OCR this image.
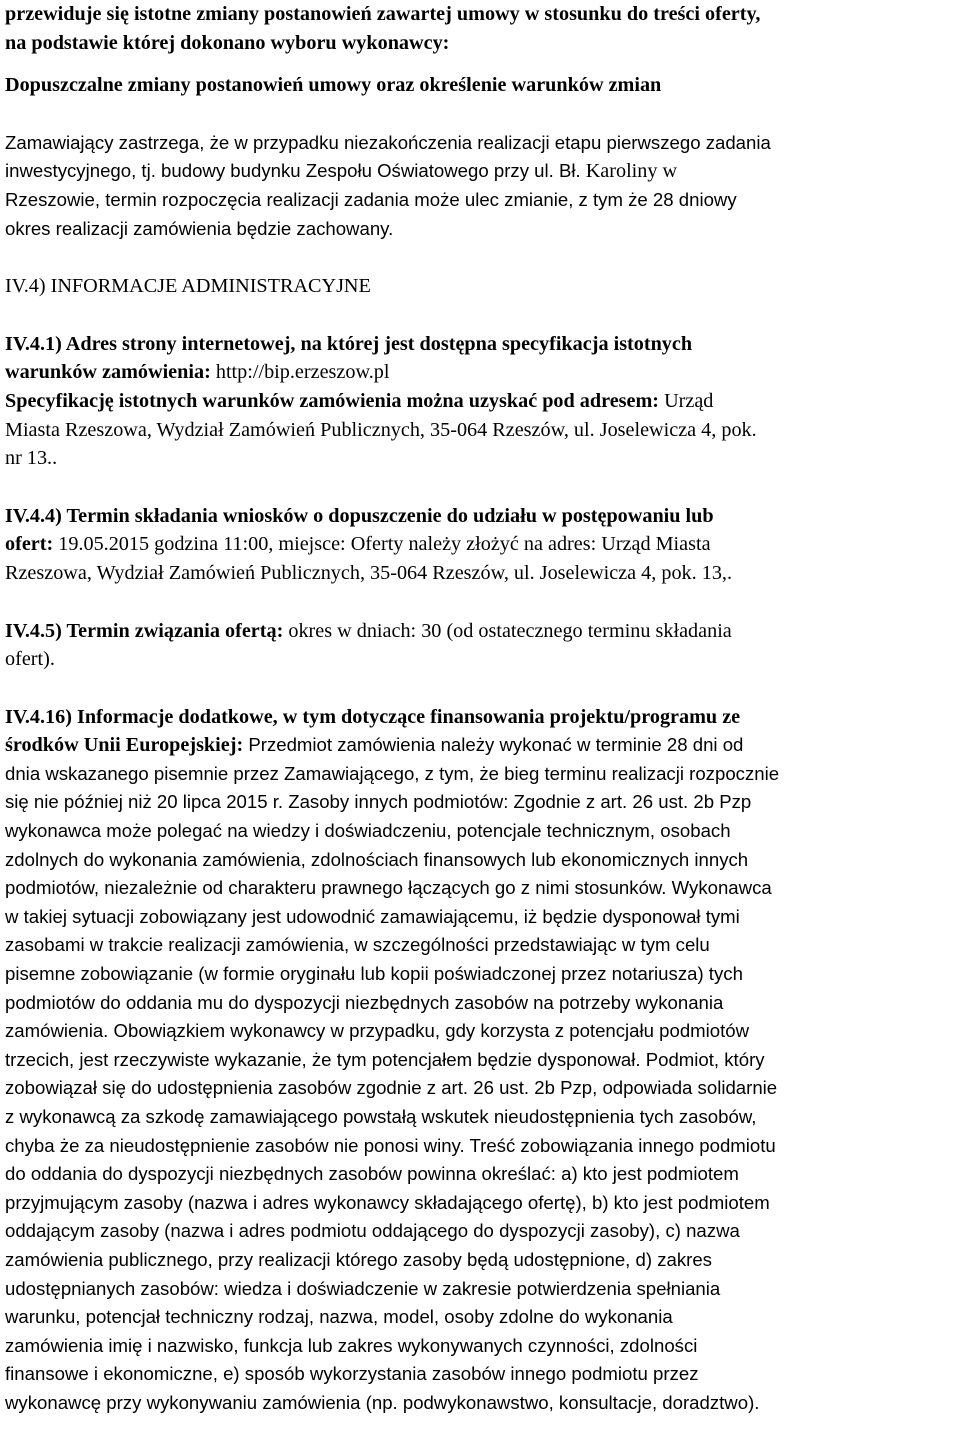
przewiduje się istotne zmiany postanowień zawartej umowy w stosunku do treści oferty,
na podstawie której dokonano wyboru wykonawcy:

Dopuszczalne zmiany postanowień umowy oraz określenie warunków zmian

Zamawiający zastrzega, że w przypadku niezakończenia realizacji etapu pierwszego zadania
inwestycyjnego, tj. budowy budynku Zespołu Oświatowego przy ul. Bł. Karoliny w
Rzeszowie, termin rozpoczęcia realizacji zadania może ulec zmianie, z tym że 28 dniowy
okres realizacji zamówienia będzie zachowany.

IV.4) INFORMACJE ADMINISTRACYJNE

IV.4.1) Adres strony internetowej, na której jest dostępna specyfikacja istotnych
warunków zamówienia: http://bip.erzeszow.pl
Specyfikację istotnych warunków zamówienia można uzyskać pod adresem: Urząd
Miasta Rzeszowa, Wydział Zamówień Publicznych, 35-064 Rzeszów, ul. Joselewicza 4, pok.
nr 13..

IV.4.4) Termin składania wniosków o dopuszczenie do udziału w postępowaniu lub
ofert: 19.05.2015 godzina 11:00, miejsce: Oferty należy złożyć na adres: Urząd Miasta
Rzeszowa, Wydział Zamówień Publicznych, 35-064 Rzeszów, ul. Joselewicza 4, pok. 13,.

IV.4.5) Termin związania ofertą: okres w dniach: 30 (od ostatecznego terminu składania
ofert).

IV.4.16) Informacje dodatkowe, w tym dotyczące finansowania projektu/programu ze
środków Unii Europejskiej: Przedmiot zamówienia należy wykonać w terminie 28 dni od
dnia wskazanego pisemnie przez Zamawiającego, z tym, że bieg terminu realizacji rozpocznie
się nie później niż 20 lipca 2015 r. Zasoby innych podmiotów: Zgodnie z art. 26 ust. 2b Pzp
wykonawca może polegać na wiedzy i doświadczeniu, potencjale technicznym, osobach
zdolnych do wykonania zamówienia, zdolnościach finansowych lub ekonomicznych innych
podmiotów, niezależnie od charakteru prawnego łączących go z nimi stosunków. Wykonawca
w takiej sytuacji zobowiązany jest udowodnić zamawiającemu, iż będzie dysponował tymi
zasobami w trakcie realizacji zamówienia, w szczególności przedstawiając w tym celu
pisemne zobowiązanie (w formie oryginału lub kopii poświadczonej przez notariusza) tych
podmiotów do oddania mu do dyspozycji niezbędnych zasobów na potrzeby wykonania
zamówienia. Obowiązkiem wykonawcy w przypadku, gdy korzysta z potencjału podmiotów
trzecich, jest rzeczywiste wykazanie, że tym potencjałem będzie dysponował. Podmiot, który
zobowiązał się do udostępnienia zasobów zgodnie z art. 26 ust. 2b Pzp, odpowiada solidarnie
z wykonawcą za szkodę zamawiającego powstałą wskutek nieudostępnienia tych zasobów,
chyba że za nieudostępnienie zasobów nie ponosi winy. Treść zobowiązania innego podmiotu
do oddania do dyspozycji niezbędnych zasobów powinna określać: a) kto jest podmiotem
przyjmującym zasoby (nazwa i adres wykonawcy składającego ofertę), b) kto jest podmiotem
oddającym zasoby (nazwa i adres podmiotu oddającego do dyspozycji zasoby), c) nazwa
zamówienia publicznego, przy realizacji którego zasoby będą udostępnione, d) zakres
udostępnianych zasobów: wiedza i doświadczenie w zakresie potwierdzenia spełniania
warunku, potencjał techniczny rodzaj, nazwa, model, osoby zdolne do wykonania
zamówienia imię i nazwisko, funkcja lub zakres wykonywanych czynności, zdolności
finansowe i ekonomiczne, e) sposób wykorzystania zasobów innego podmiotu przez
wykonawcę przy wykonywaniu zamówienia (np. podwykonawstwo, konsultacje, doradztwo).
